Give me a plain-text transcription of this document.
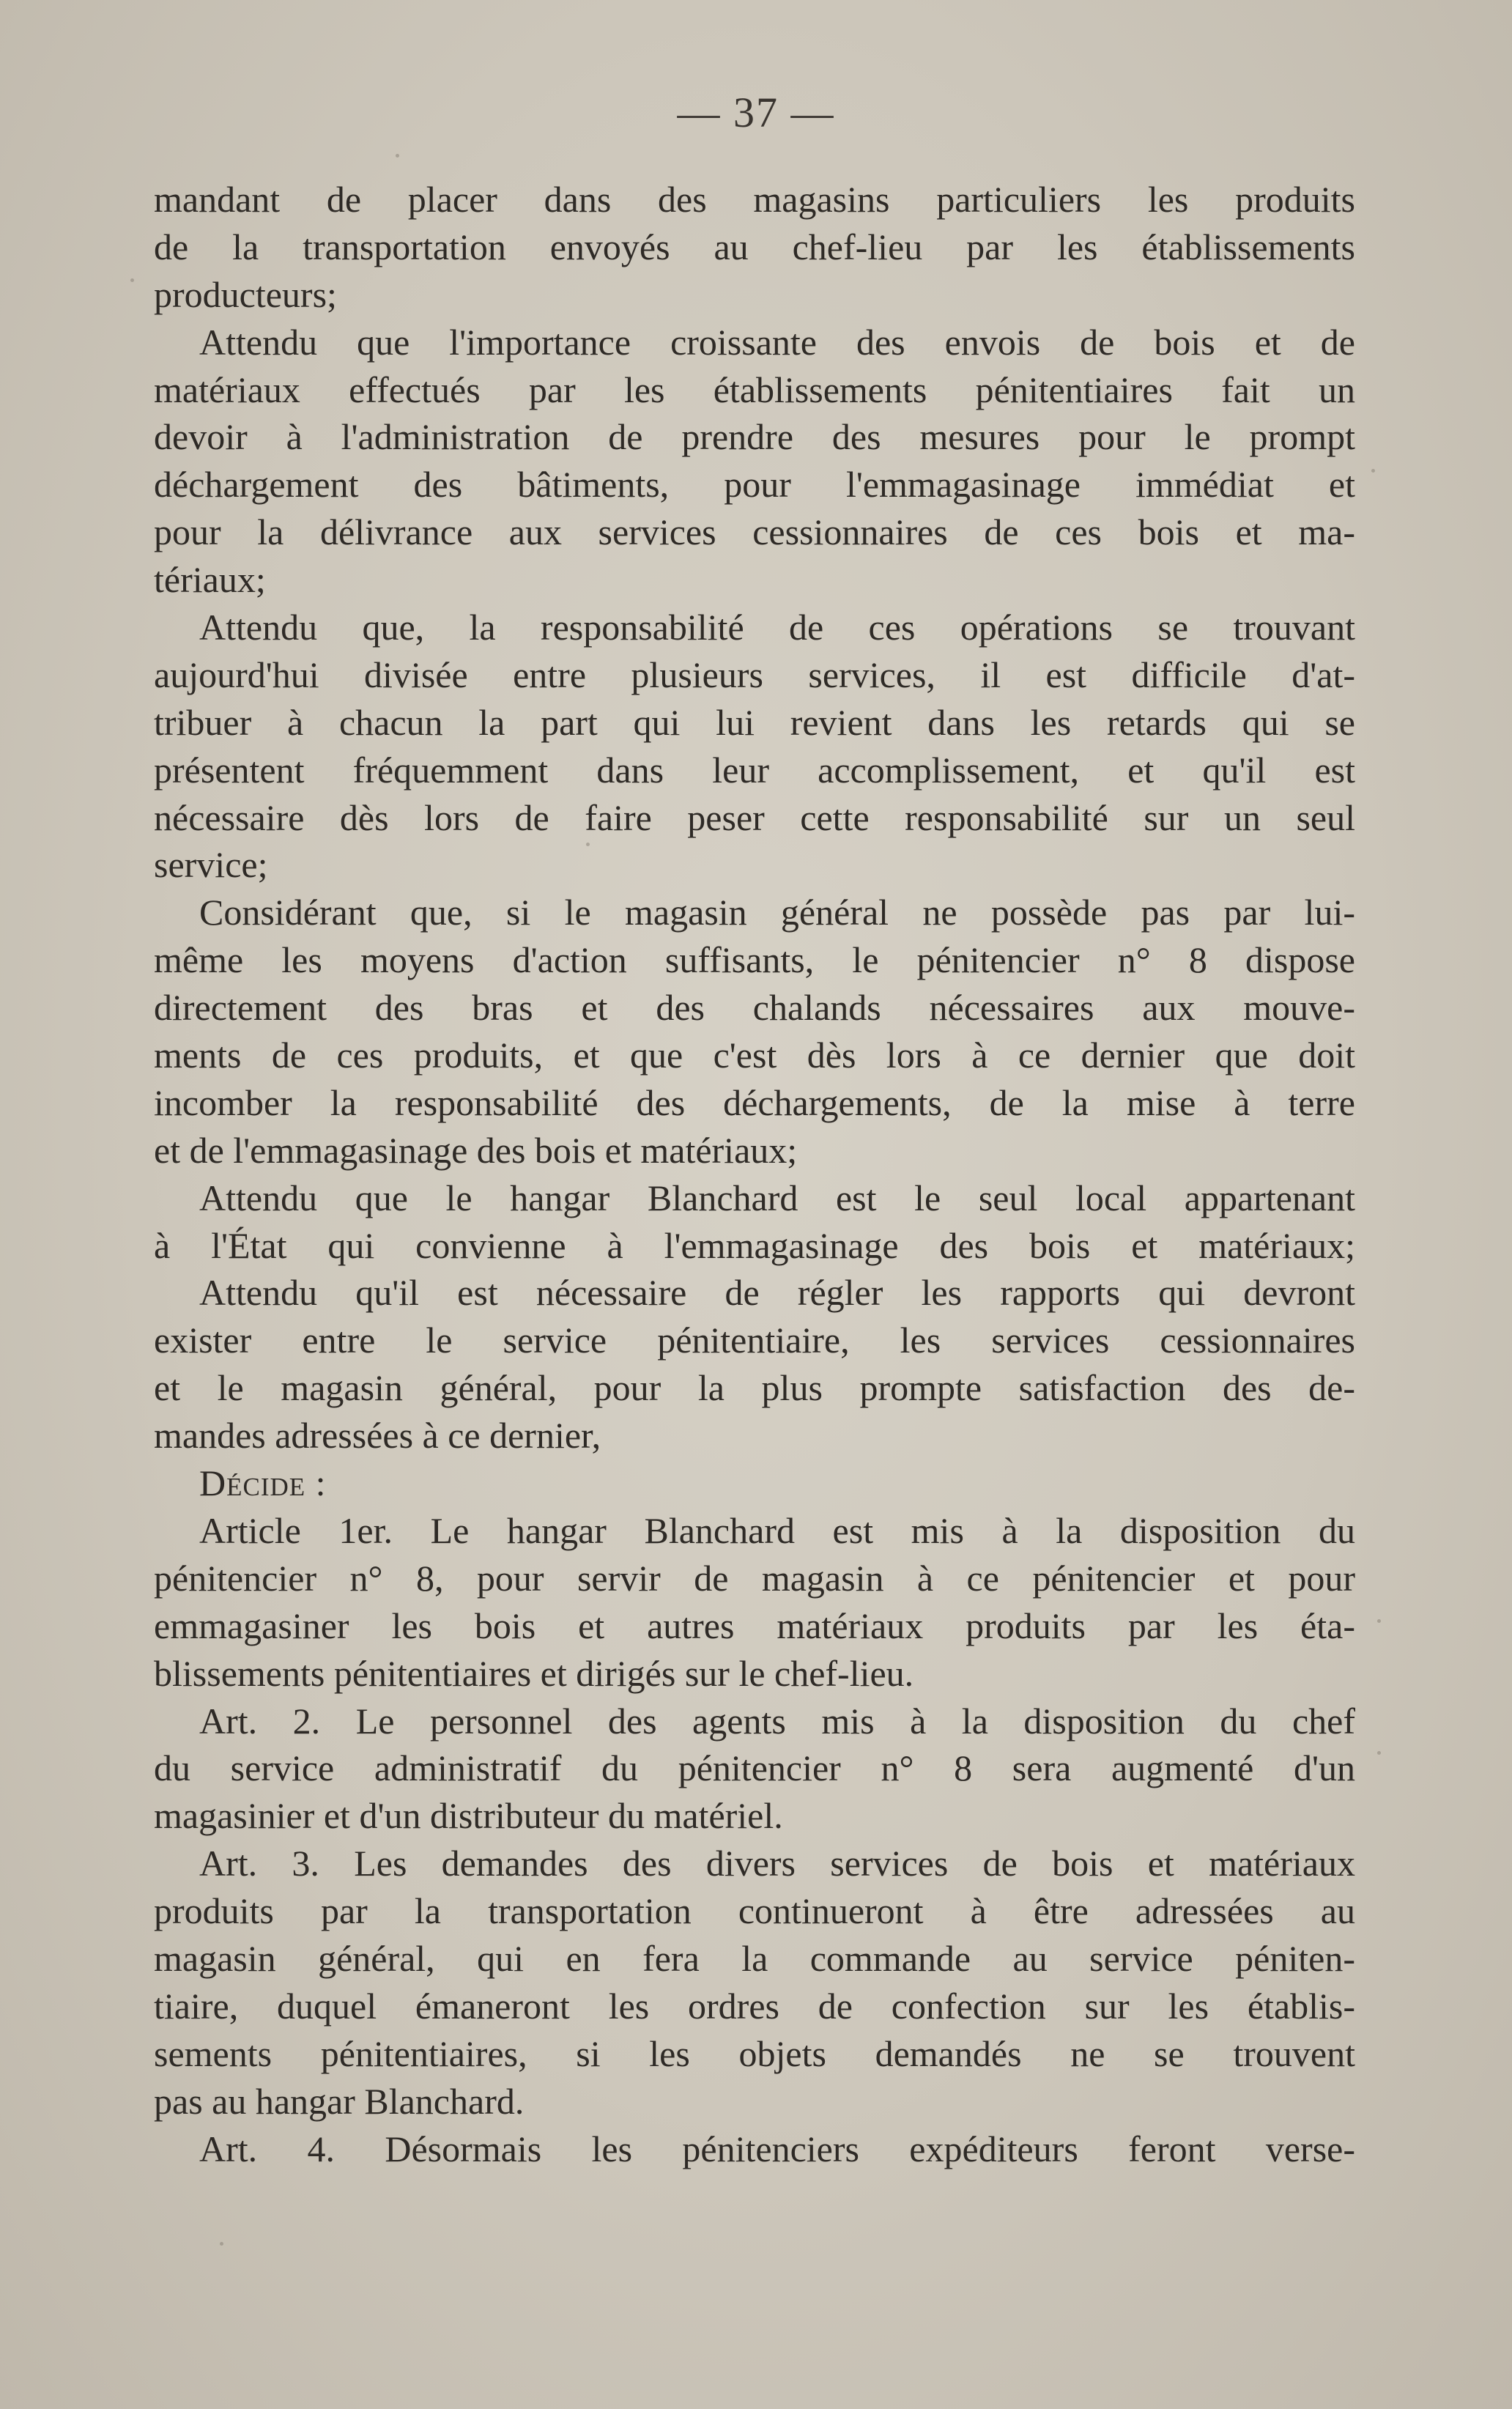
— 37 —
mandant de placer dans des magasins particuliers les produits
de la transportation envoyés au chef-lieu par les établissements
producteurs;
Attendu que l'importance croissante des envois de bois et de
matériaux effectués par les établissements pénitentiaires fait un
devoir à l'administration de prendre des mesures pour le prompt
déchargement des bâtiments, pour l'emmagasinage immédiat et
pour la délivrance aux services cessionnaires de ces bois et ma-
tériaux;
Attendu que, la responsabilité de ces opérations se trouvant
aujourd'hui divisée entre plusieurs services, il est difficile d'at-
tribuer à chacun la part qui lui revient dans les retards qui se
présentent fréquemment dans leur accomplissement, et qu'il est
nécessaire dès lors de faire peser cette responsabilité sur un seul
service;
Considérant que, si le magasin général ne possède pas par lui-
même les moyens d'action suffisants, le pénitencier n° 8 dispose
directement des bras et des chalands nécessaires aux mouve-
ments de ces produits, et que c'est dès lors à ce dernier que doit
incomber la responsabilité des déchargements, de la mise à terre
et de l'emmagasinage des bois et matériaux;
Attendu que le hangar Blanchard est le seul local appartenant
à l'État qui convienne à l'emmagasinage des bois et matériaux;
Attendu qu'il est nécessaire de régler les rapports qui devront
exister entre le service pénitentiaire, les services cessionnaires
et le magasin général, pour la plus prompte satisfaction des de-
mandes adressées à ce dernier,
Décide :
Article 1er. Le hangar Blanchard est mis à la disposition du
pénitencier n° 8, pour servir de magasin à ce pénitencier et pour
emmagasiner les bois et autres matériaux produits par les éta-
blissements pénitentiaires et dirigés sur le chef-lieu.
Art. 2. Le personnel des agents mis à la disposition du chef
du service administratif du pénitencier n° 8 sera augmenté d'un
magasinier et d'un distributeur du matériel.
Art. 3. Les demandes des divers services de bois et matériaux
produits par la transportation continueront à être adressées au
magasin général, qui en fera la commande au service péniten-
tiaire, duquel émaneront les ordres de confection sur les établis-
sements pénitentiaires, si les objets demandés ne se trouvent
pas au hangar Blanchard.
Art. 4. Désormais les pénitenciers expéditeurs feront verse-
